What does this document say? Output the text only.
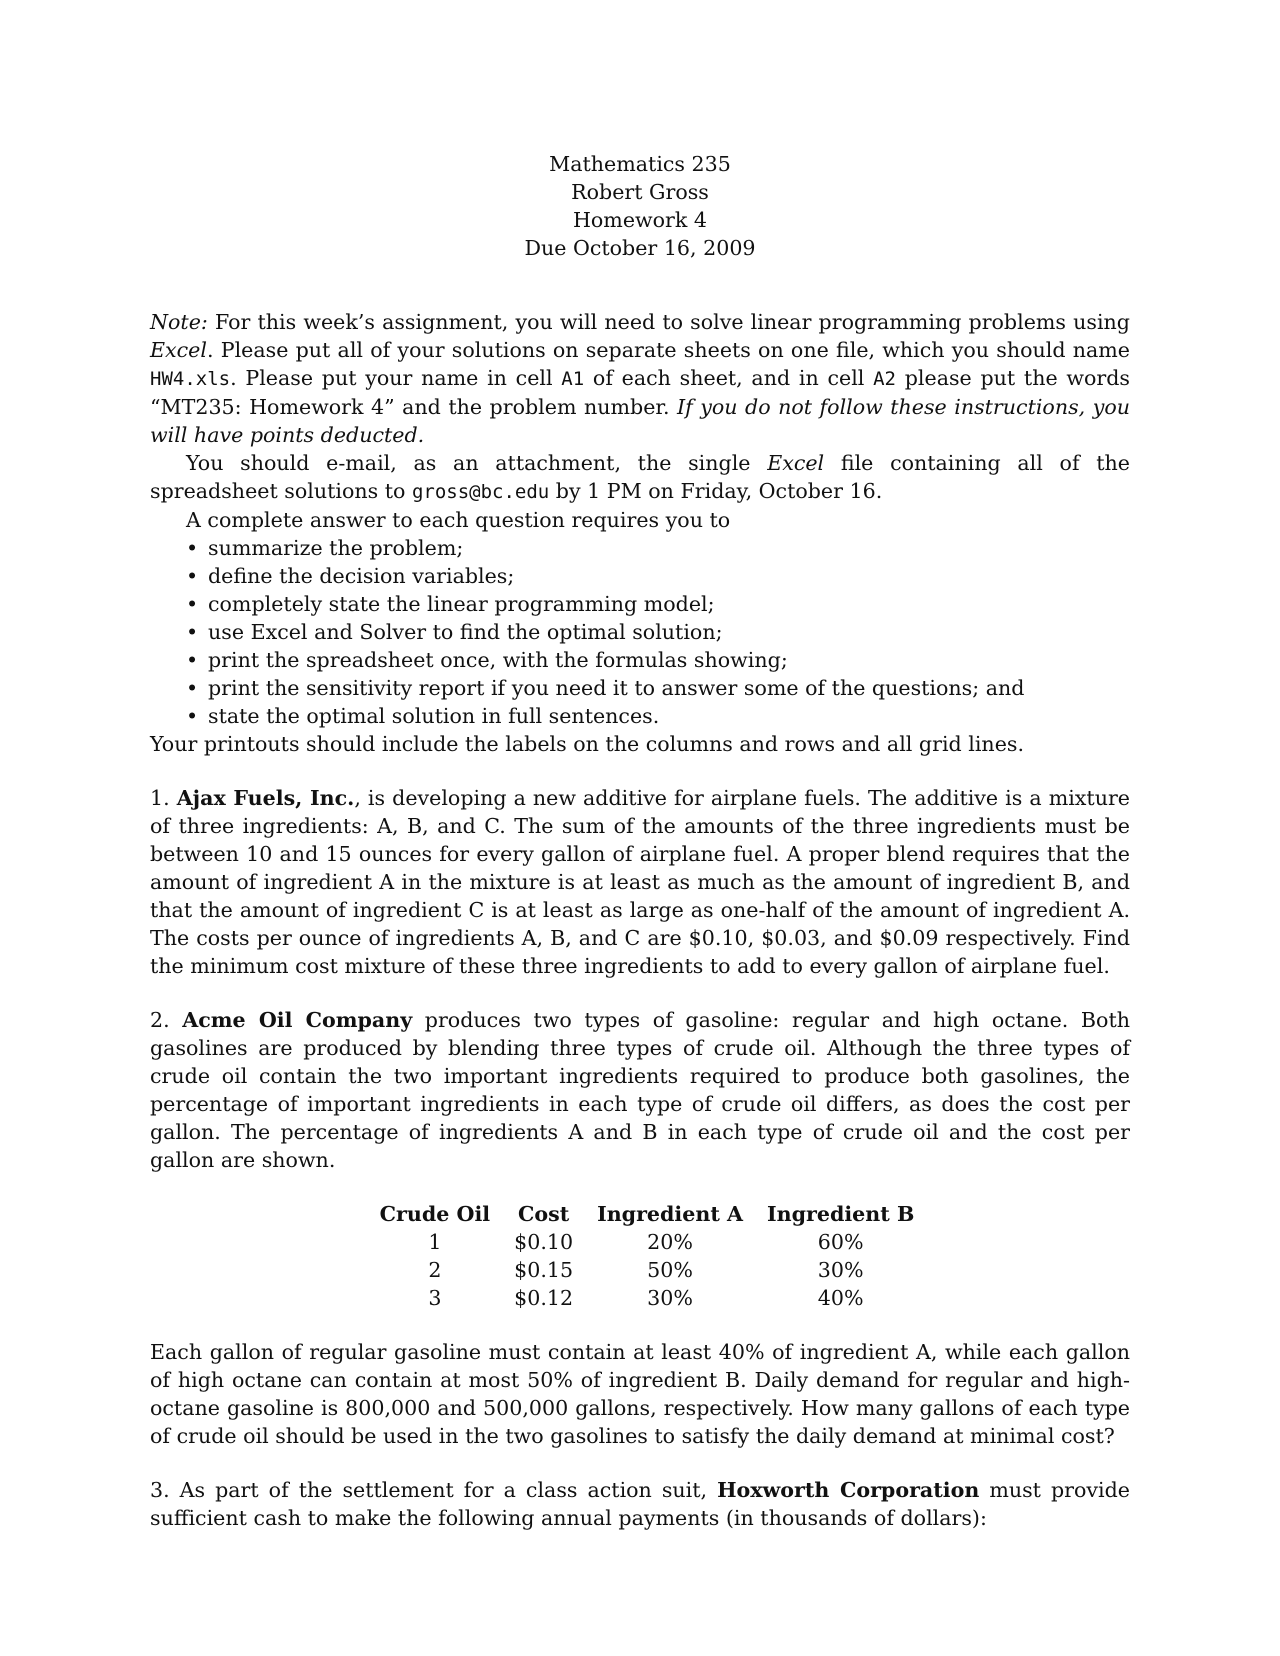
Mathematics 235
Robert Gross
Homework 4
Due October 16, 2009

Note: For this week’s assignment, you will need to solve linear programming problems using Excel. Please put all of your solutions on separate sheets on one file, which you should name HW4.xls. Please put your name in cell A1 of each sheet, and in cell A2 please put the words “MT235: Homework 4” and the problem number. If you do not follow these instructions, you will have points deducted.

You should e-mail, as an attachment, the single Excel file containing all of the spreadsheet solutions to gross@bc.edu by 1 PM on Friday, October 16.

A complete answer to each question requires you to

• summarize the problem;
• define the decision variables;
• completely state the linear programming model;
• use Excel and Solver to find the optimal solution;
• print the spreadsheet once, with the formulas showing;
• print the sensitivity report if you need it to answer some of the questions; and
• state the optimal solution in full sentences.

Your printouts should include the labels on the columns and rows and all grid lines.

1. Ajax Fuels, Inc., is developing a new additive for airplane fuels. The additive is a mixture of three ingredients: A, B, and C. The sum of the amounts of the three ingredients must be between 10 and 15 ounces for every gallon of airplane fuel. A proper blend requires that the amount of ingredient A in the mixture is at least as much as the amount of ingredient B, and that the amount of ingredient C is at least as large as one-half of the amount of ingredient A. The costs per ounce of ingredients A, B, and C are $0.10, $0.03, and $0.09 respectively. Find the minimum cost mixture of these three ingredients to add to every gallon of airplane fuel.

2. Acme Oil Company produces two types of gasoline: regular and high octane. Both gasolines are produced by blending three types of crude oil. Although the three types of crude oil contain the two important ingredients required to produce both gasolines, the percentage of important ingredients in each type of crude oil differs, as does the cost per gallon. The percentage of ingredients A and B in each type of crude oil and the cost per gallon are shown.

Crude Oil	Cost	Ingredient A	Ingredient B
1	$0.10	20%	60%
2	$0.15	50%	30%
3	$0.12	30%	40%

Each gallon of regular gasoline must contain at least 40% of ingredient A, while each gallon of high octane can contain at most 50% of ingredient B. Daily demand for regular and high-octane gasoline is 800,000 and 500,000 gallons, respectively. How many gallons of each type of crude oil should be used in the two gasolines to satisfy the daily demand at minimal cost?

3. As part of the settlement for a class action suit, Hoxworth Corporation must provide sufficient cash to make the following annual payments (in thousands of dollars):
